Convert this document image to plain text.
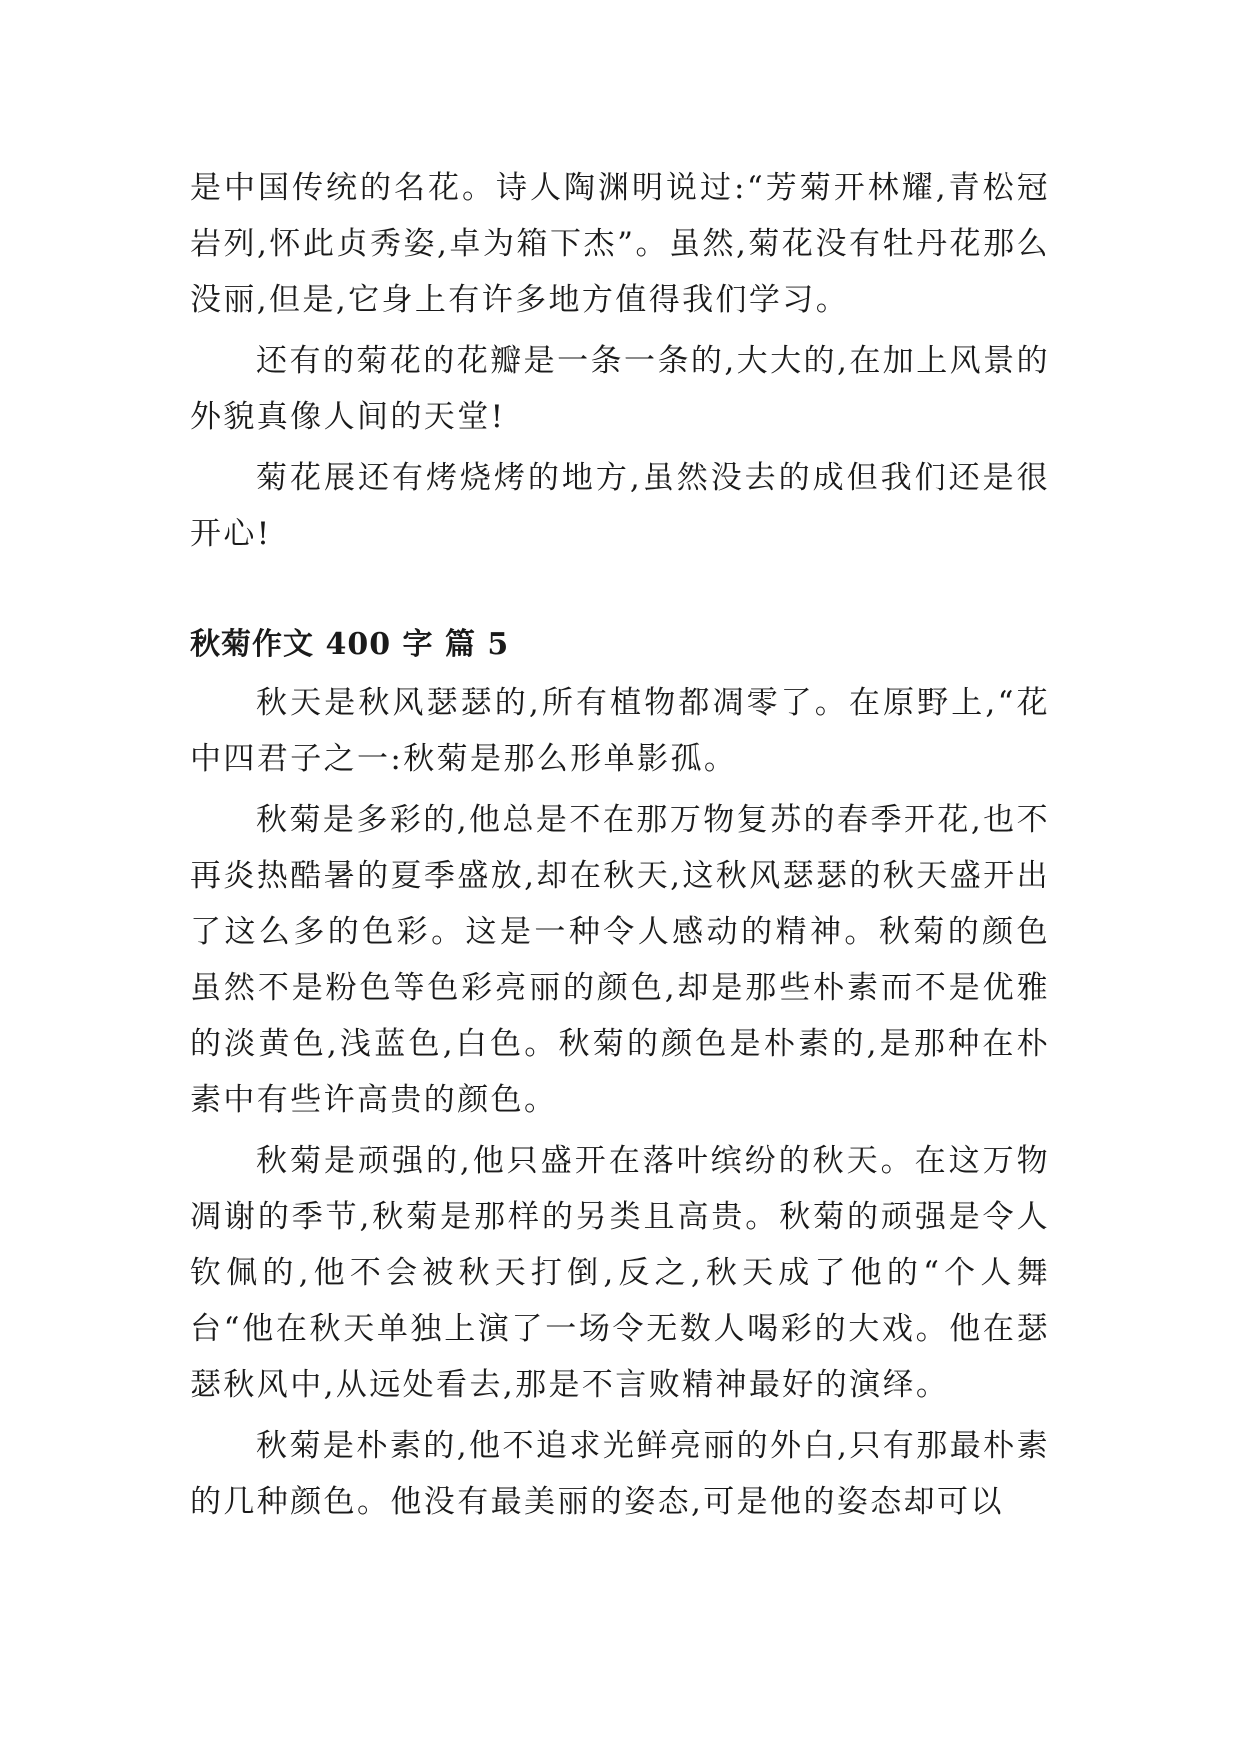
是中国传统的名花。诗人陶渊明说过:“芳菊开林耀,青松冠岩列,怀此贞秀姿,卓为箱下杰”。虽然,菊花没有牡丹花那么没丽,但是,它身上有许多地方值得我们学习。

还有的菊花的花瓣是一条一条的,大大的,在加上风景的外貌真像人间的天堂!

菊花展还有烤烧烤的地方,虽然没去的成但我们还是很开心!

秋菊作文 400 字 篇 5

秋天是秋风瑟瑟的,所有植物都凋零了。在原野上,“花中四君子之一:秋菊是那么形单影孤。

秋菊是多彩的,他总是不在那万物复苏的春季开花,也不再炎热酷暑的夏季盛放,却在秋天,这秋风瑟瑟的秋天盛开出了这么多的色彩。这是一种令人感动的精神。秋菊的颜色虽然不是粉色等色彩亮丽的颜色,却是那些朴素而不是优雅的淡黄色,浅蓝色,白色。秋菊的颜色是朴素的,是那种在朴素中有些许高贵的颜色。

秋菊是顽强的,他只盛开在落叶缤纷的秋天。在这万物凋谢的季节,秋菊是那样的另类且高贵。秋菊的顽强是令人钦佩的,他不会被秋天打倒,反之,秋天成了他的“个人舞台“他在秋天单独上演了一场令无数人喝彩的大戏。他在瑟瑟秋风中,从远处看去,那是不言败精神最好的演绎。

秋菊是朴素的,他不追求光鲜亮丽的外白,只有那最朴素的几种颜色。他没有最美丽的姿态,可是他的姿态却可以
